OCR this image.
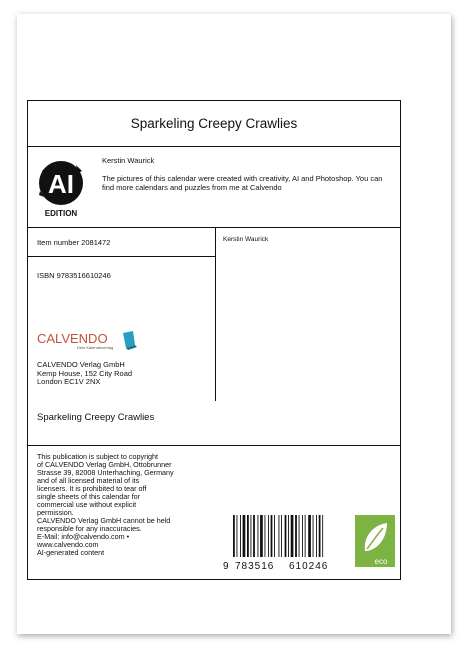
Sparkeling Creepy Crawlies
AI
EDITION
Kerstin Waurick
The pictures of this calendar were created with creativity, AI and Photoshop. You can find more calendars and puzzles from me at Calvendo
Item number 2081472
ISBN 9783516610246
CALVENDO
Dein Kalenderverlag
CALVENDO Verlag GmbH
Kemp House, 152 City Road
London EC1V 2NX
Kerstin Waurick
Sparkeling Creepy Crawlies
This publication is subject to copyright
of CALVENDO Verlag GmbH, Ottobrunner
Strasse 39, 82008 Unterhaching, Germany
and of all licensed material of its
licensers. It is prohibited to tear off
single sheets of this calendar for
commercial use without explicit
permission.
CALVENDO Verlag GmbH cannot be held
responsible for any inaccuracies.
E-Mail: info@calvendo.com •
www.calvendo.com
AI-generated content
9 783516 610246	eco
